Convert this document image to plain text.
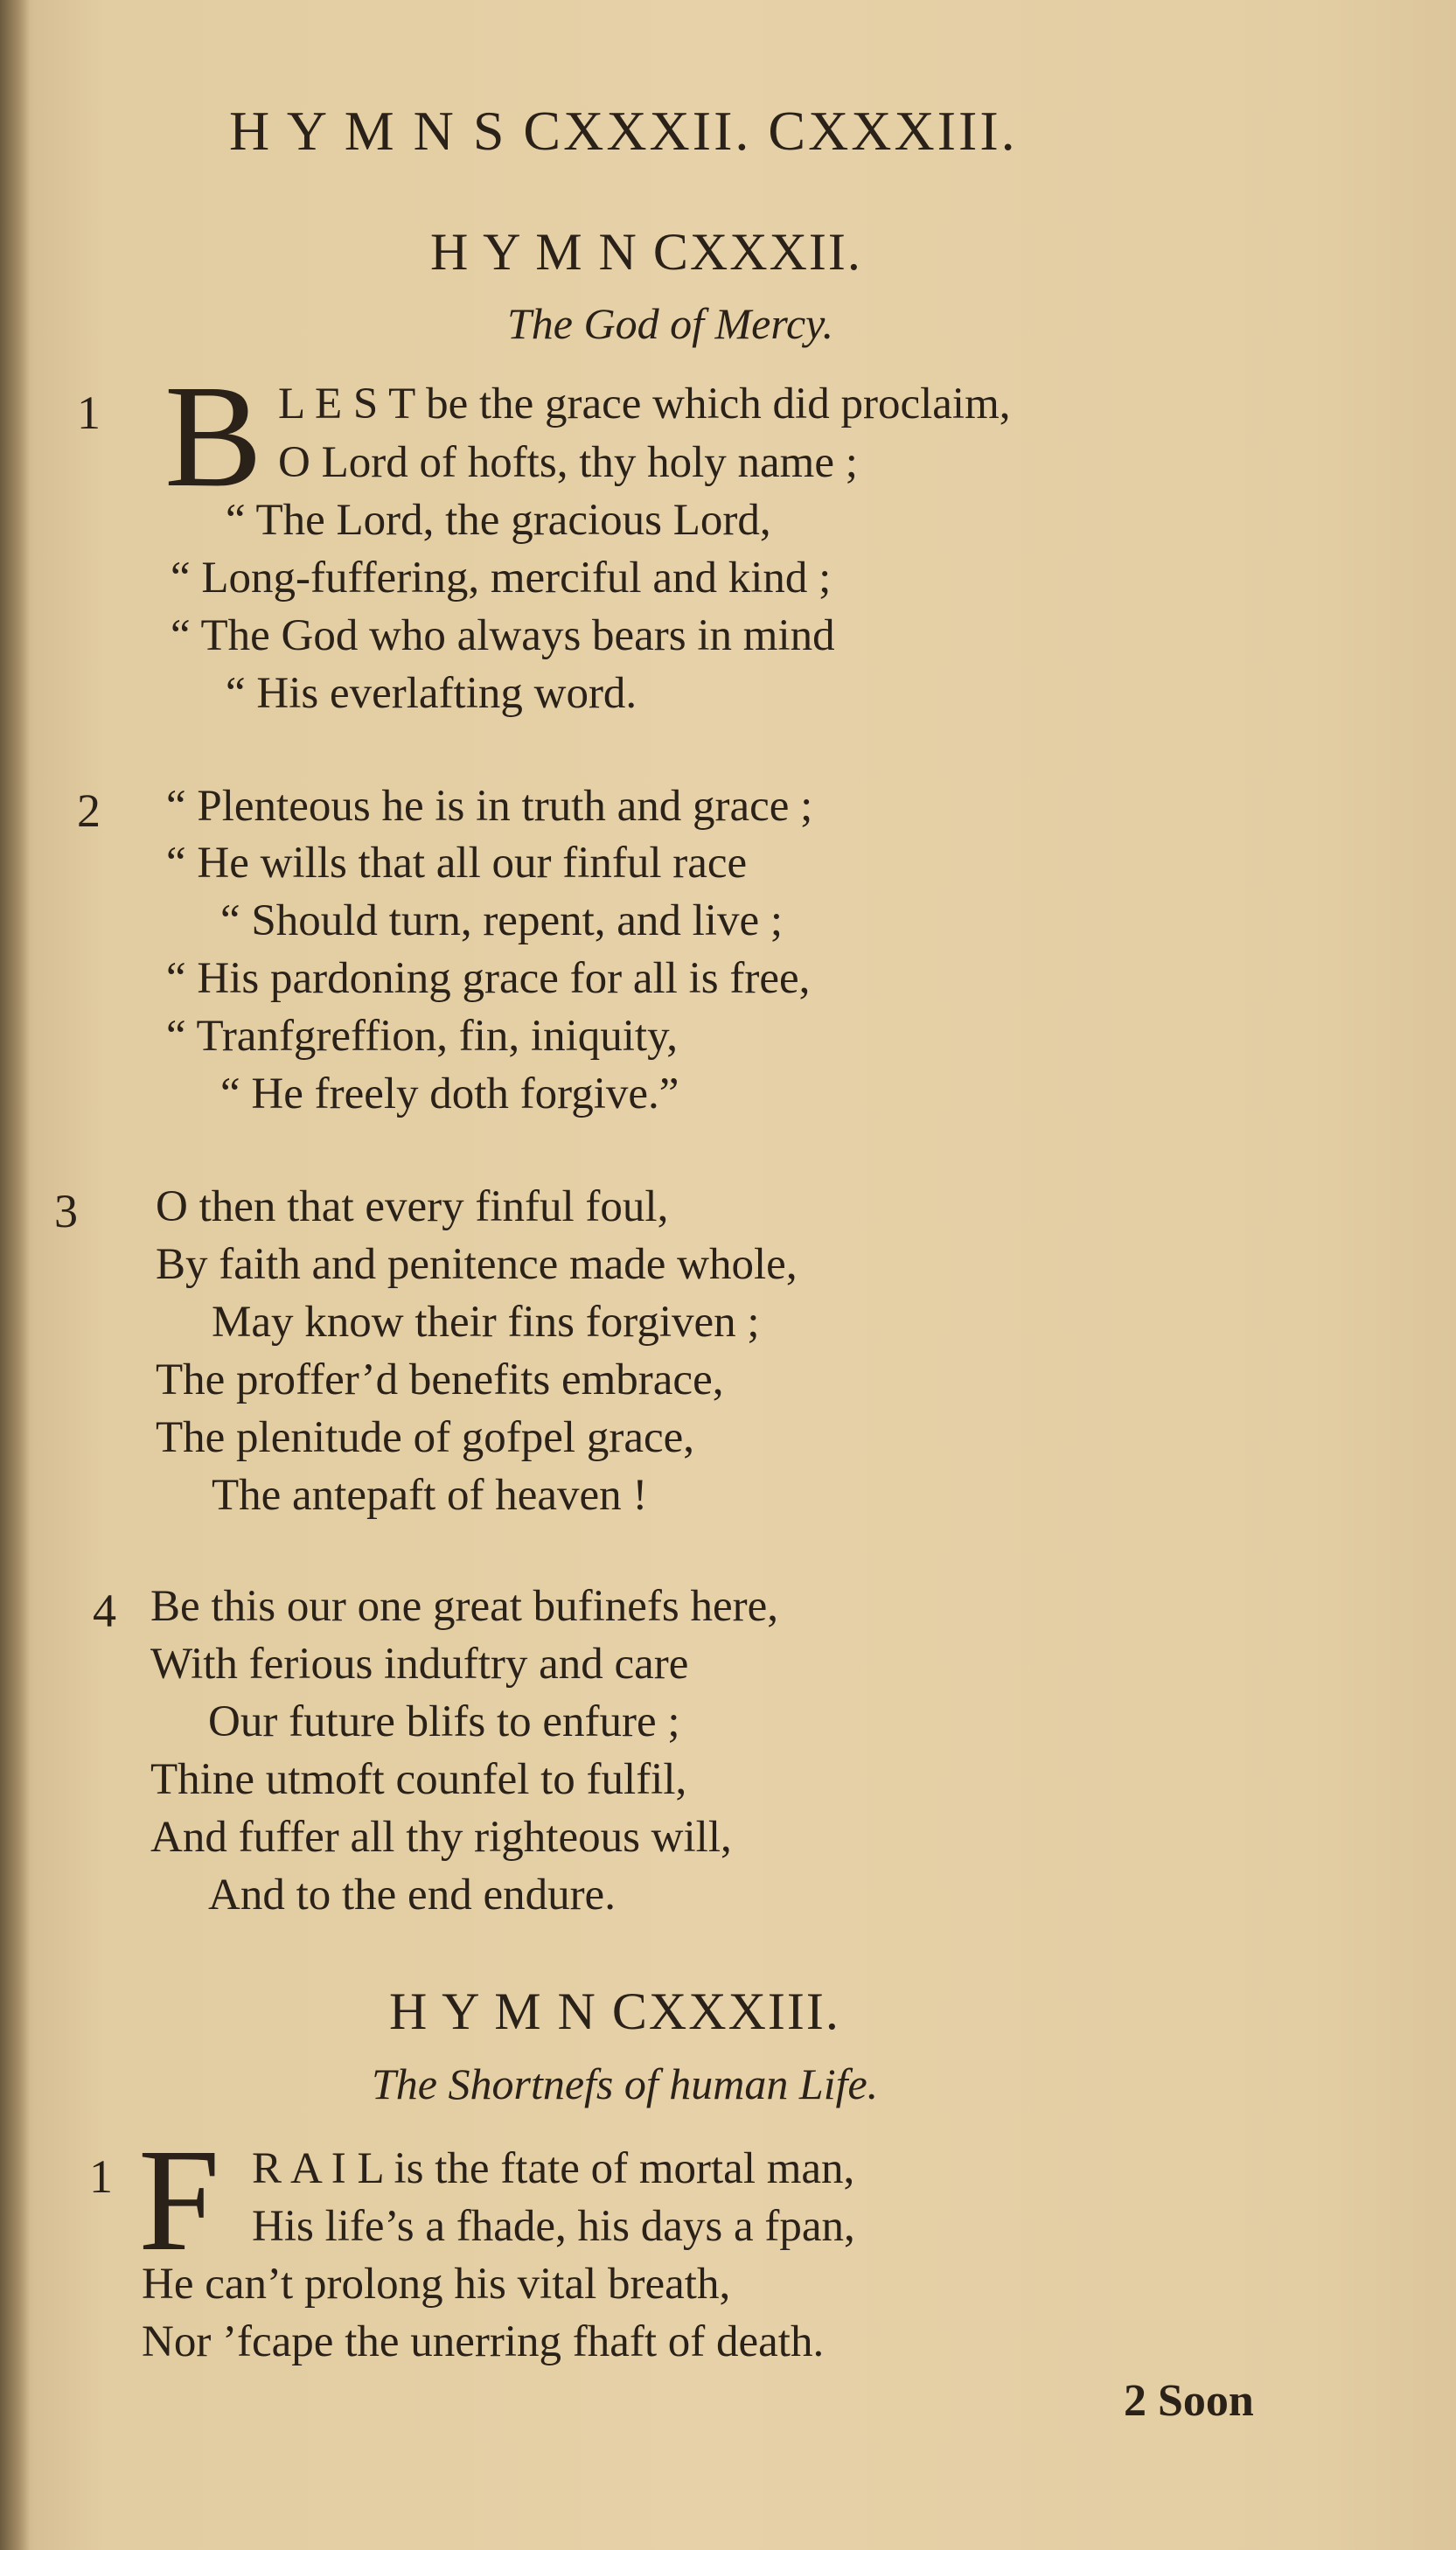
H Y M N S CXXXII. CXXXIII.
H Y M N CXXXII.
The God of Mercy.
1 B L E S T be the grace which did proclaim,
O Lord of hofts, thy holy name ;
“ The Lord, the gracious Lord,
“ Long-fuffering, merciful and kind ;
“ The God who always bears in mind
“ His everlafting word.
2 “ Plenteous he is in truth and grace ;
“ He wills that all our finful race
“ Should turn, repent, and live ;
“ His pardoning grace for all is free,
“ Tranfgreffion, fin, iniquity,
“ He freely doth forgive.”
3 O then that every finful foul,
By faith and penitence made whole,
May know their fins forgiven ;
The proffer’d benefits embrace,
The plenitude of gofpel grace,
The antepaft of heaven !
4 Be this our one great bufinefs here,
With ferious induftry and care
Our future blifs to enfure ;
Thine utmoft counfel to fulfil,
And fuffer all thy righteous will,
And to the end endure.
H Y M N CXXXIII.
The Shortnefs of human Life.
1 F R A I L is the ftate of mortal man,
His life’s a fhade, his days a fpan,
He can’t prolong his vital breath,
Nor ’fcape the unerring fhaft of death.
2 Soon
